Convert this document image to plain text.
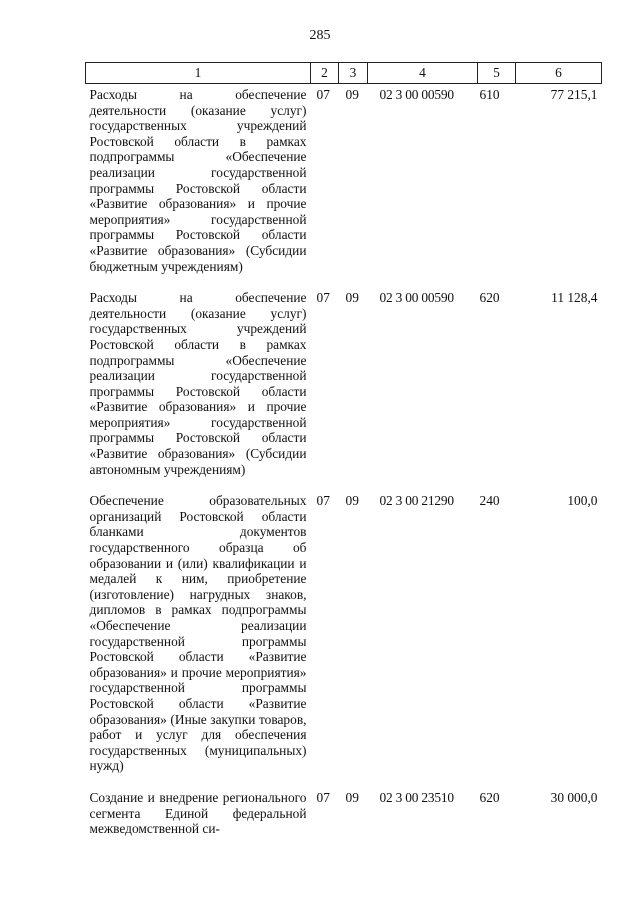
285
1	2	3	4	5	6
Расходы на обеспечение деятельности (оказание услуг) государственных учреждений Ростовской области в рамках подпрограммы «Обеспечение реализации государственной программы Ростовской области «Развитие образования» и прочие мероприятия» государственной программы Ростовской области «Развитие образования» (Субсидии бюджетным учреждениям)	07	09	02 3 00 00590	610	77 215,1
Расходы на обеспечение деятельности (оказание услуг) государственных учреждений Ростовской области в рамках подпрограммы «Обеспечение реализации государственной программы Ростовской области «Развитие образования» и прочие мероприятия» государственной программы Ростовской области «Развитие образования» (Субсидии автономным учреждениям)	07	09	02 3 00 00590	620	11 128,4
Обеспечение образовательных организаций Ростовской области бланками документов государственного образца об образовании и (или) квалификации и медалей к ним, приобретение (изготовление) нагрудных знаков, дипломов в рамках подпрограммы «Обеспечение реализации государственной программы Ростовской области «Развитие образования» и прочие мероприятия» государственной программы Ростовской области «Развитие образования» (Иные закупки товаров, работ и услуг для обеспечения государственных (муниципальных) нужд)	07	09	02 3 00 21290	240	100,0
Создание и внедрение регионального сегмента Единой федеральной межведомственной си-	07	09	02 3 00 23510	620	30 000,0
